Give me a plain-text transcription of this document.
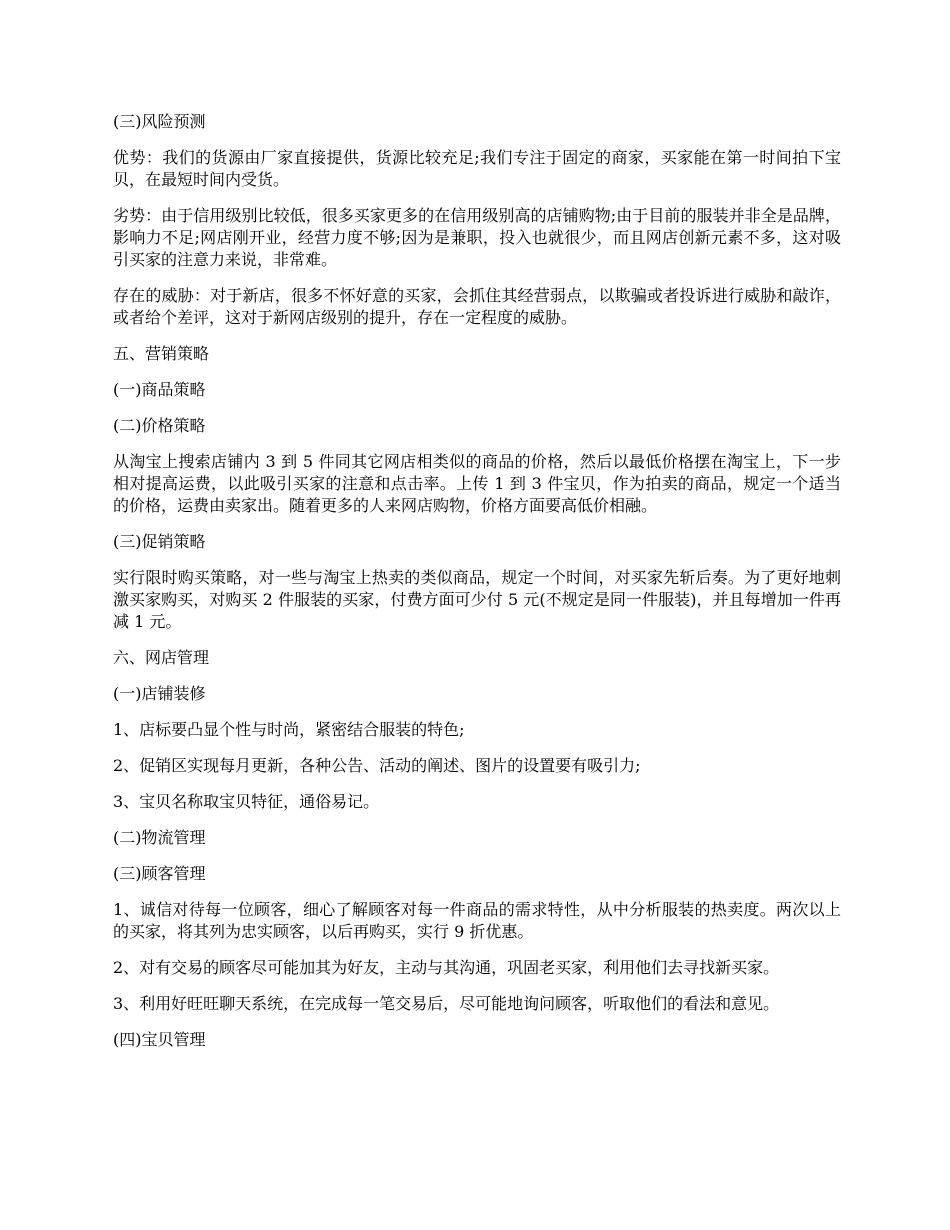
(三)风险预测

优势：我们的货源由厂家直接提供，货源比较充足;我们专注于固定的商家，买家能在第一时间拍下宝贝，在最短时间内受货。

劣势：由于信用级别比较低，很多买家更多的在信用级别高的店铺购物;由于目前的服装并非全是品牌，影响力不足;网店刚开业，经营力度不够;因为是兼职，投入也就很少，而且网店创新元素不多，这对吸引买家的注意力来说，非常难。

存在的威胁：对于新店，很多不怀好意的买家，会抓住其经营弱点，以欺骗或者投诉进行威胁和敲诈，或者给个差评，这对于新网店级别的提升，存在一定程度的威胁。

五、营销策略

(一)商品策略

(二)价格策略

从淘宝上搜索店铺内 3 到 5 件同其它网店相类似的商品的价格，然后以最低价格摆在淘宝上，下一步相对提高运费，以此吸引买家的注意和点击率。上传 1 到 3 件宝贝，作为拍卖的商品，规定一个适当的价格，运费由卖家出。随着更多的人来网店购物，价格方面要高低价相融。

(三)促销策略

实行限时购买策略，对一些与淘宝上热卖的类似商品，规定一个时间，对买家先斩后奏。为了更好地刺激买家购买，对购买 2 件服装的买家，付费方面可少付 5 元(不规定是同一件服装)，并且每增加一件再减 1 元。

六、网店管理

(一)店铺装修

1、店标要凸显个性与时尚，紧密结合服装的特色;

2、促销区实现每月更新，各种公告、活动的阐述、图片的设置要有吸引力;

3、宝贝名称取宝贝特征，通俗易记。

(二)物流管理

(三)顾客管理

1、诚信对待每一位顾客，细心了解顾客对每一件商品的需求特性，从中分析服装的热卖度。两次以上的买家，将其列为忠实顾客，以后再购买，实行 9 折优惠。

2、对有交易的顾客尽可能加其为好友，主动与其沟通，巩固老买家，利用他们去寻找新买家。

3、利用好旺旺聊天系统，在完成每一笔交易后，尽可能地询问顾客，听取他们的看法和意见。

(四)宝贝管理
